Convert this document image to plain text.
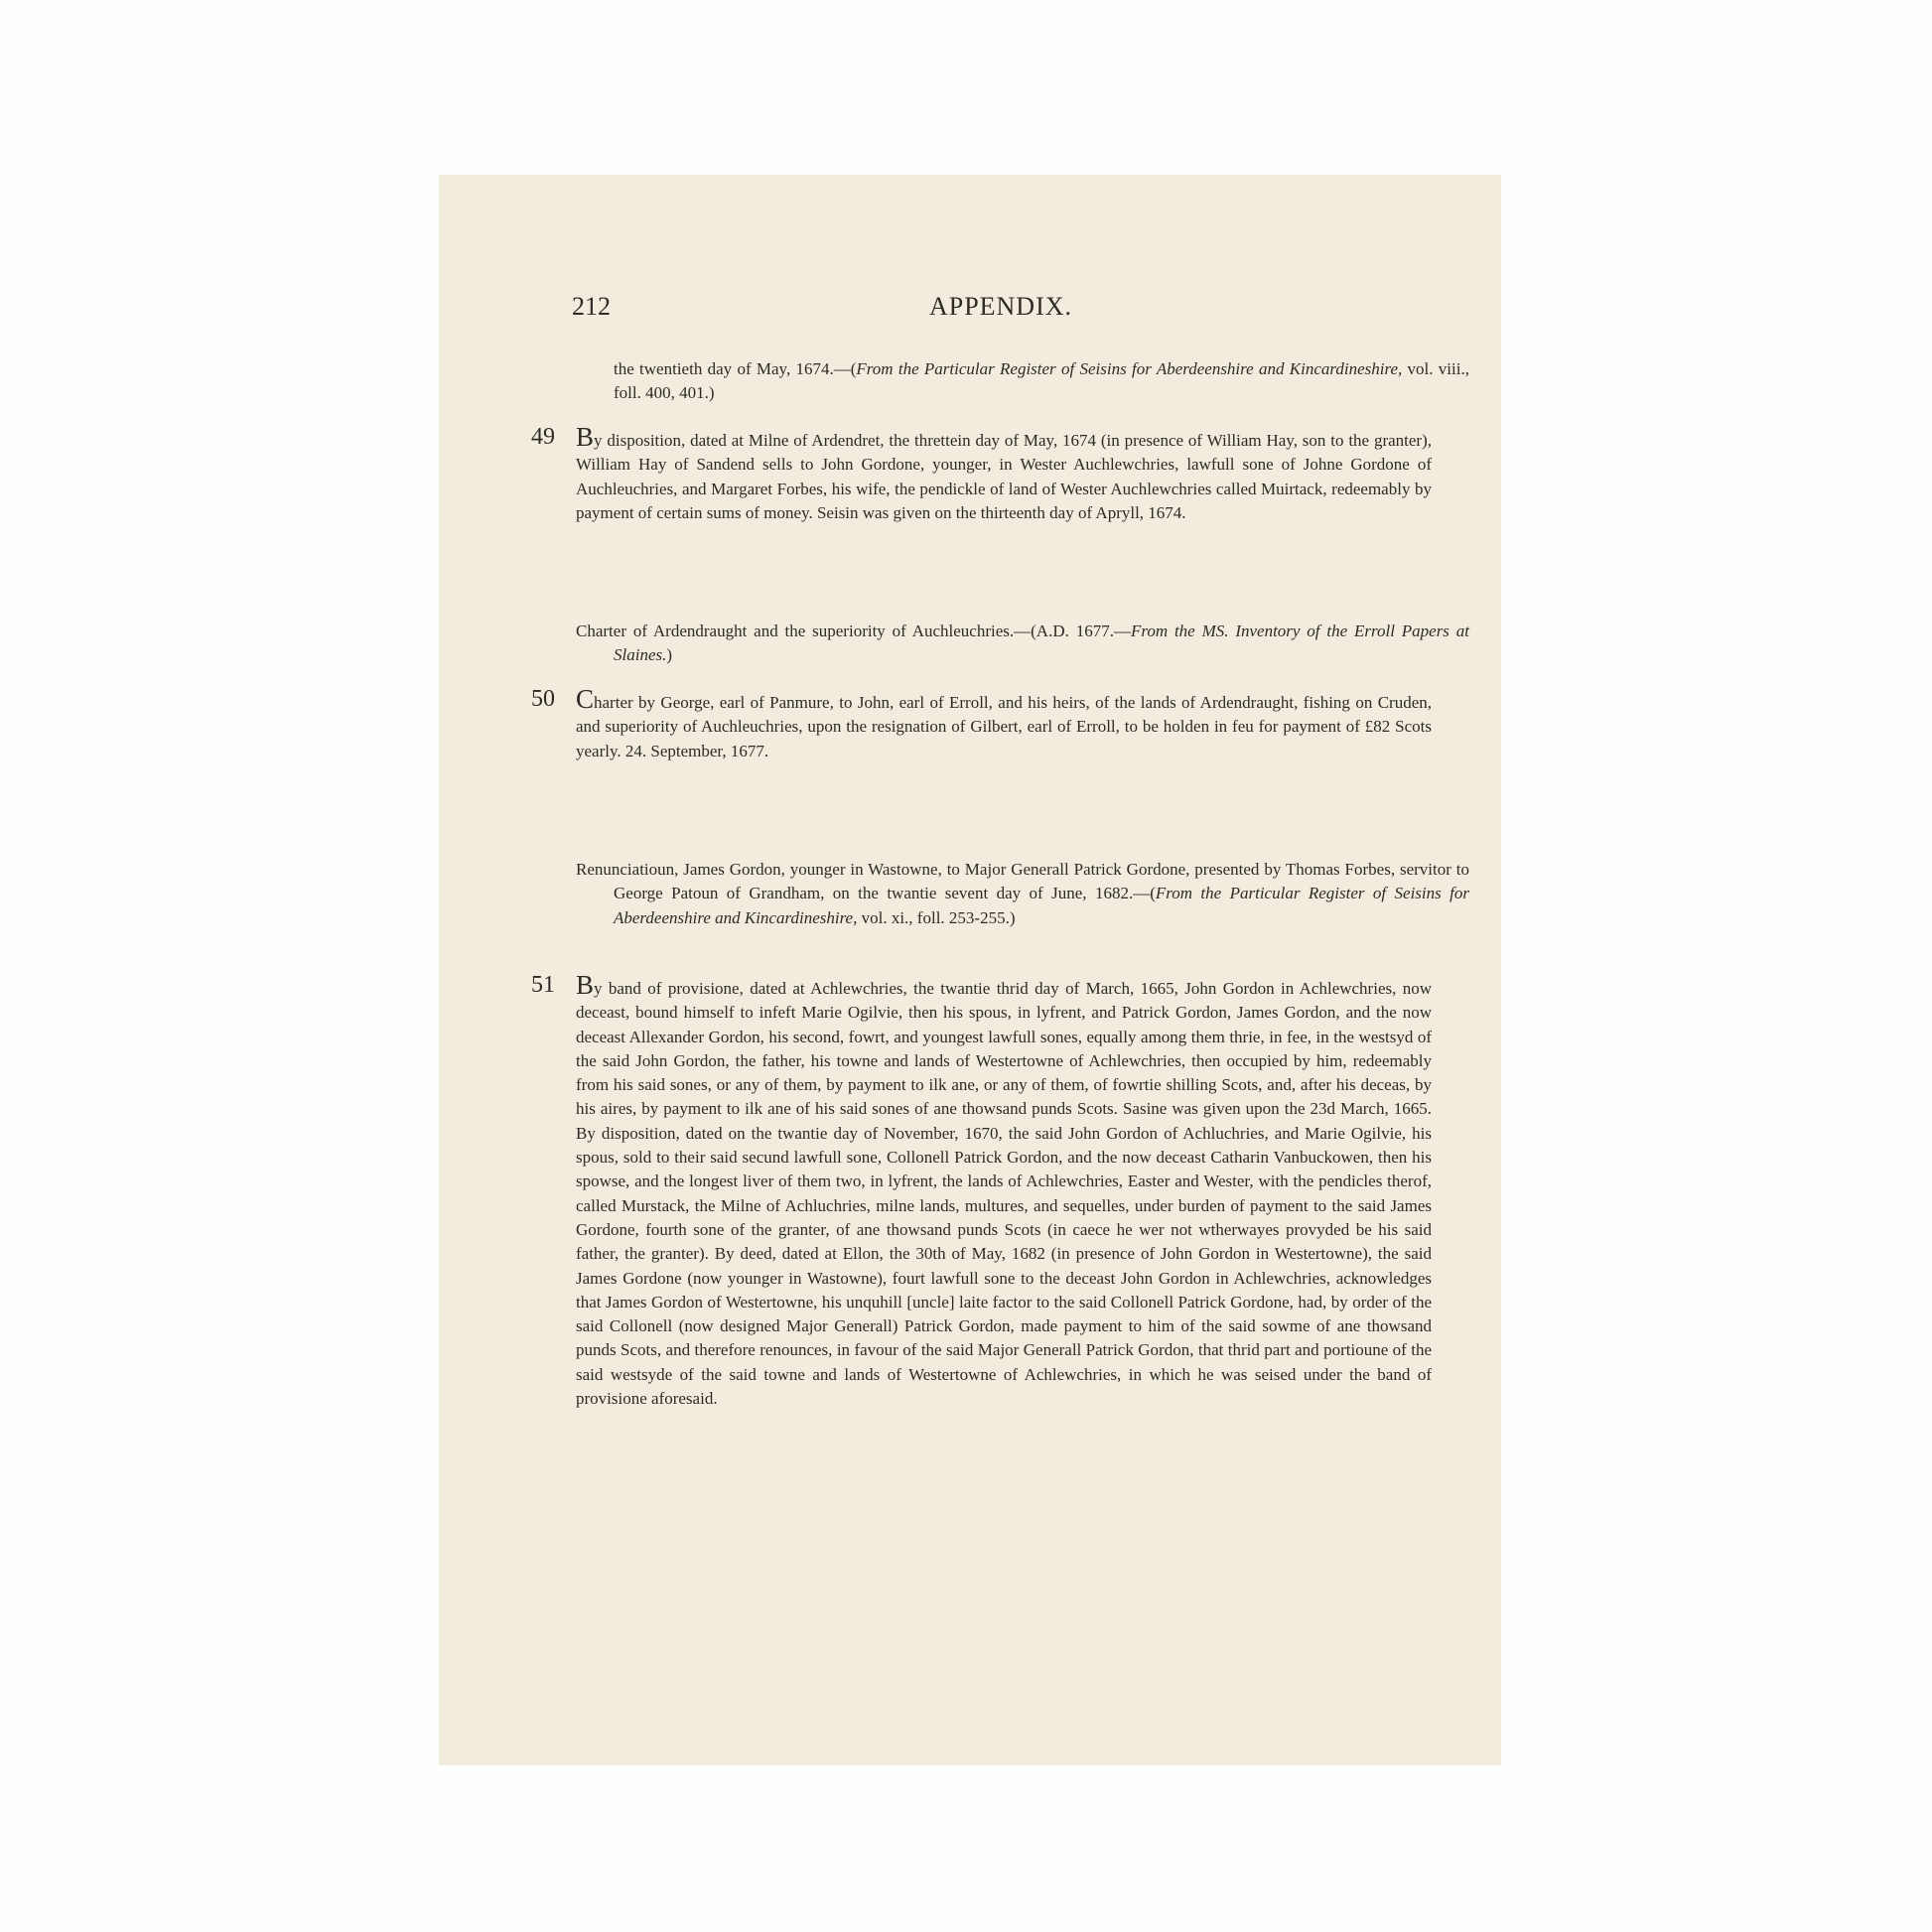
212	APPENDIX.
the twentieth day of May, 1674.—(From the Particular Register of Seisins for Aberdeenshire and Kincardineshire, vol. viii., foll. 400, 401.)
49 By disposition, dated at Milne of Ardendret, the threttein day of May, 1674 (in presence of William Hay, son to the granter), William Hay of Sandend sells to John Gordone, younger, in Wester Auchlewchries, lawfull sone of Johne Gordone of Auchleuchries, and Margaret Forbes, his wife, the pendickle of land of Wester Auchlewchries called Muirtack, redeemably by payment of certain sums of money. Seisin was given on the thirteenth day of Apryll, 1674.
Charter of Ardendraught and the superiority of Auchleuchries.—(A.D. 1677.—From the MS. Inventory of the Erroll Papers at Slaines.)
50 Charter by George, earl of Panmure, to John, earl of Erroll, and his heirs, of the lands of Ardendraught, fishing on Cruden, and superiority of Auchleuchries, upon the resignation of Gilbert, earl of Erroll, to be holden in feu for payment of £82 Scots yearly. 24. September, 1677.
Renunciatioun, James Gordon, younger in Wastowne, to Major Generall Patrick Gordone, presented by Thomas Forbes, servitor to George Patoun of Grandham, on the twantie sevent day of June, 1682.—(From the Particular Register of Seisins for Aberdeenshire and Kincardineshire, vol. xi., foll. 253-255.)
51 By band of provisione, dated at Achlewchries, the twantie thrid day of March, 1665, John Gordon in Achlewchries, now deceast, bound himself to infeft Marie Ogilvie, then his spous, in lyfrent, and Patrick Gordon, James Gordon, and the now deceast Allexander Gordon, his second, fowrt, and youngest lawfull sones, equally among them thrie, in fee, in the westsyd of the said John Gordon, the father, his towne and lands of Westertowne of Achlewchries, then occupied by him, redeemably from his said sones, or any of them, by payment to ilk ane, or any of them, of fowrtie shilling Scots, and, after his deceas, by his aires, by payment to ilk ane of his said sones of ane thowsand punds Scots. Sasine was given upon the 23d March, 1665. By disposition, dated on the twantie day of November, 1670, the said John Gordon of Achluchries, and Marie Ogilvie, his spous, sold to their said secund lawfull sone, Collonell Patrick Gordon, and the now deceast Catharin Vanbuckowen, then his spowse, and the longest liver of them two, in lyfrent, the lands of Achlewchries, Easter and Wester, with the pendicles therof, called Murstack, the Milne of Achluchries, milne lands, multures, and sequelles, under burden of payment to the said James Gordone, fourth sone of the granter, of ane thowsand punds Scots (in caece he wer not wtherwayes provyded be his said father, the granter). By deed, dated at Ellon, the 30th of May, 1682 (in presence of John Gordon in Westertowne), the said James Gordone (now younger in Wastowne), fourt lawfull sone to the deceast John Gordon in Achlewchries, acknowledges that James Gordon of Westertowne, his unquhill [uncle] laite factor to the said Collonell Patrick Gordone, had, by order of the said Collonell (now designed Major Generall) Patrick Gordon, made payment to him of the said sowme of ane thowsand punds Scots, and therefore renounces, in favour of the said Major Generall Patrick Gordon, that thrid part and portioune of the said westsyde of the said towne and lands of Westertowne of Achlewchries, in which he was seised under the band of provisione aforesaid.
